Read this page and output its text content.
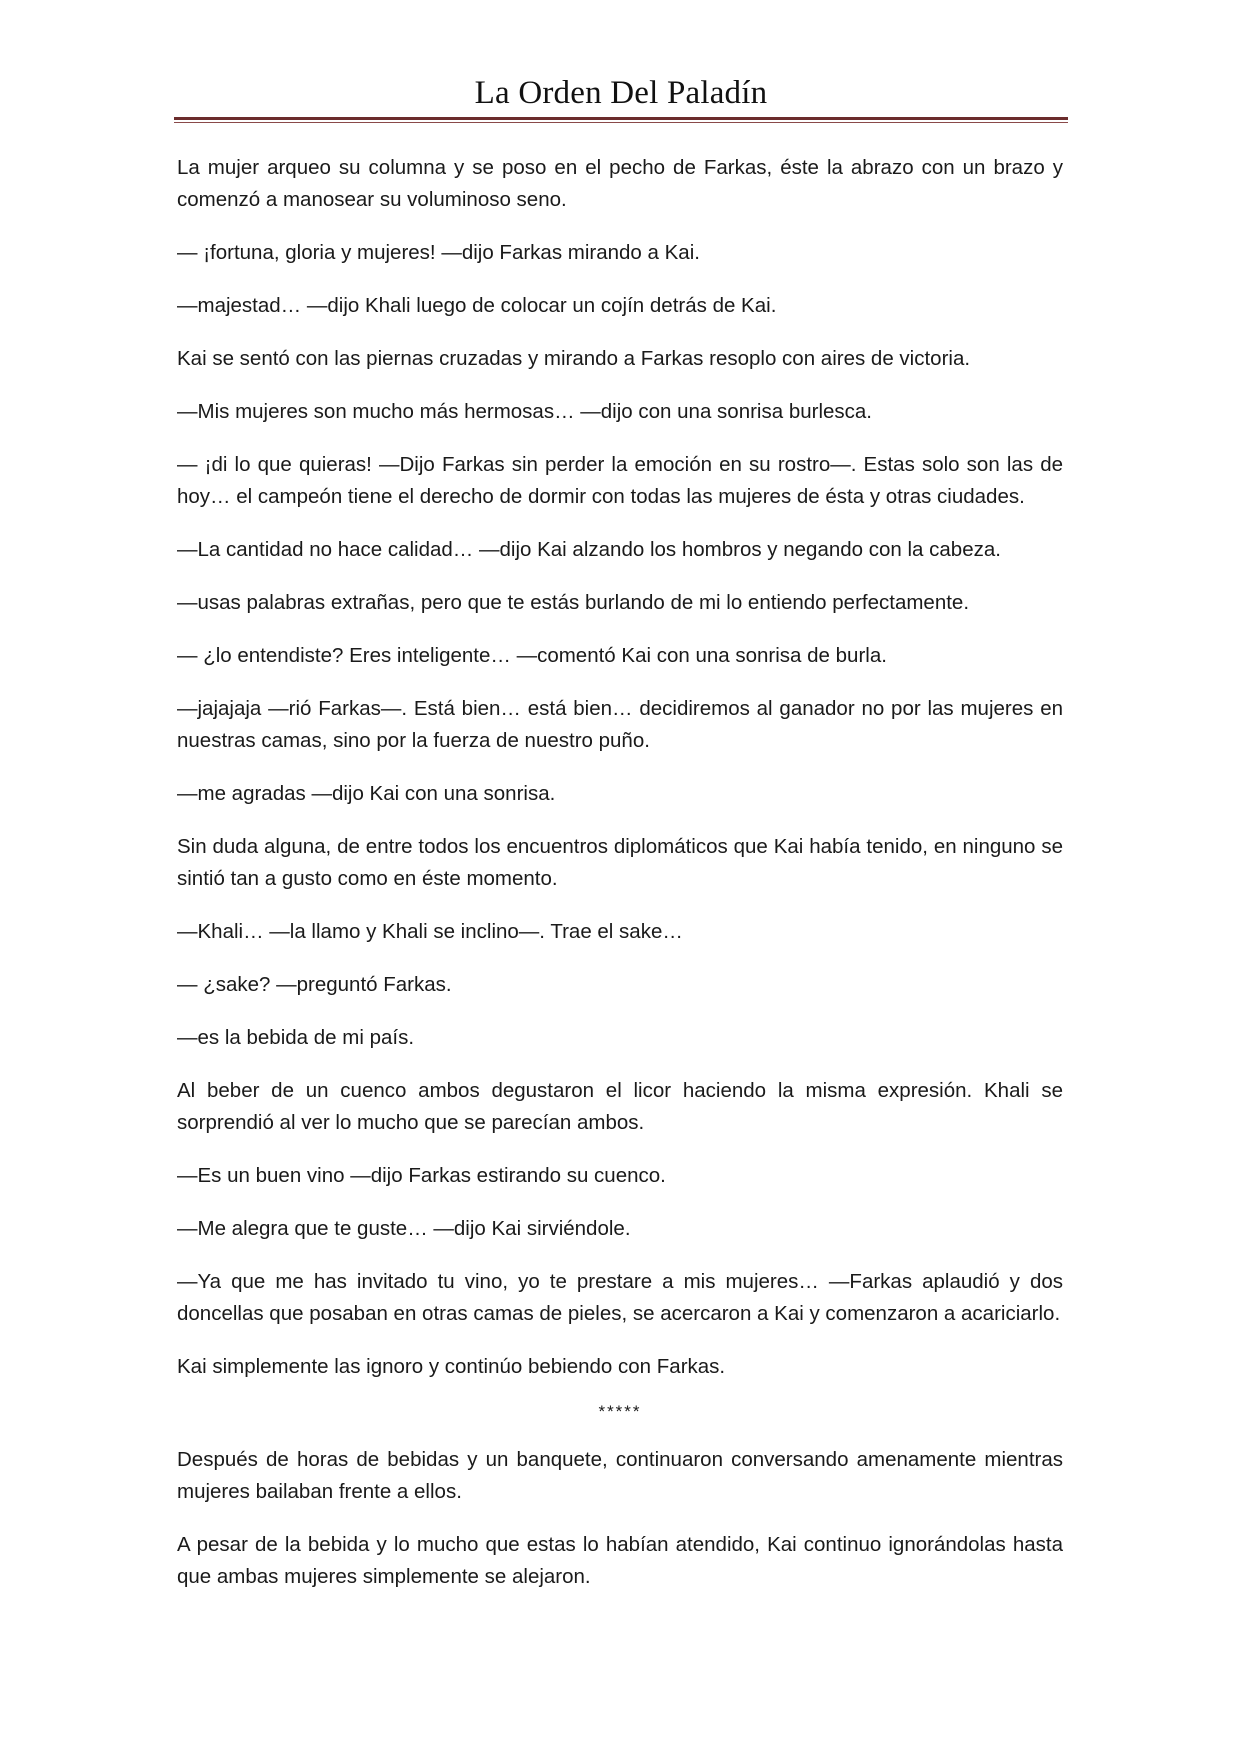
La Orden Del Paladín

La mujer arqueo su columna y se poso en el pecho de Farkas, éste la abrazo con un brazo y comenzó a manosear su voluminoso seno.

— ¡fortuna, gloria y mujeres! —dijo Farkas mirando a Kai.

—majestad… —dijo Khali luego de colocar un cojín detrás de Kai.

Kai se sentó con las piernas cruzadas y mirando a Farkas resoplo con aires de victoria.

—Mis mujeres son mucho más hermosas… —dijo con una sonrisa burlesca.

— ¡di lo que quieras! —Dijo Farkas sin perder la emoción en su rostro—. Estas solo son las de hoy… el campeón tiene el derecho de dormir con todas las mujeres de ésta y otras ciudades.

—La cantidad no hace calidad… —dijo Kai alzando los hombros y negando con la cabeza.

—usas palabras extrañas, pero que te estás burlando de mi lo entiendo perfectamente.

— ¿lo entendiste? Eres inteligente… —comentó Kai con una sonrisa de burla.

—jajajaja —rió Farkas—. Está bien… está bien… decidiremos al ganador no por las mujeres en nuestras camas, sino por la fuerza de nuestro puño.

—me agradas —dijo Kai con una sonrisa.

Sin duda alguna, de entre todos los encuentros diplomáticos que Kai había tenido, en ninguno se sintió tan a gusto como en éste momento.

—Khali… —la llamo y Khali se inclino—. Trae el sake…

— ¿sake? —preguntó Farkas.

—es la bebida de mi país.

Al beber de un cuenco ambos degustaron el licor haciendo la misma expresión. Khali se sorprendió al ver lo mucho que se parecían ambos.

—Es un buen vino —dijo Farkas estirando su cuenco.

—Me alegra que te guste… —dijo Kai sirviéndole.

—Ya que me has invitado tu vino, yo te prestare a mis mujeres… —Farkas aplaudió y dos doncellas que posaban en otras camas de pieles, se acercaron a Kai y comenzaron a acariciarlo.

Kai simplemente las ignoro y continúo bebiendo con Farkas.

*****

Después de horas de bebidas y un banquete, continuaron conversando amenamente mientras mujeres bailaban frente a ellos.

A pesar de la bebida y lo mucho que estas lo habían atendido, Kai continuo ignorándolas hasta que ambas mujeres simplemente se alejaron.
